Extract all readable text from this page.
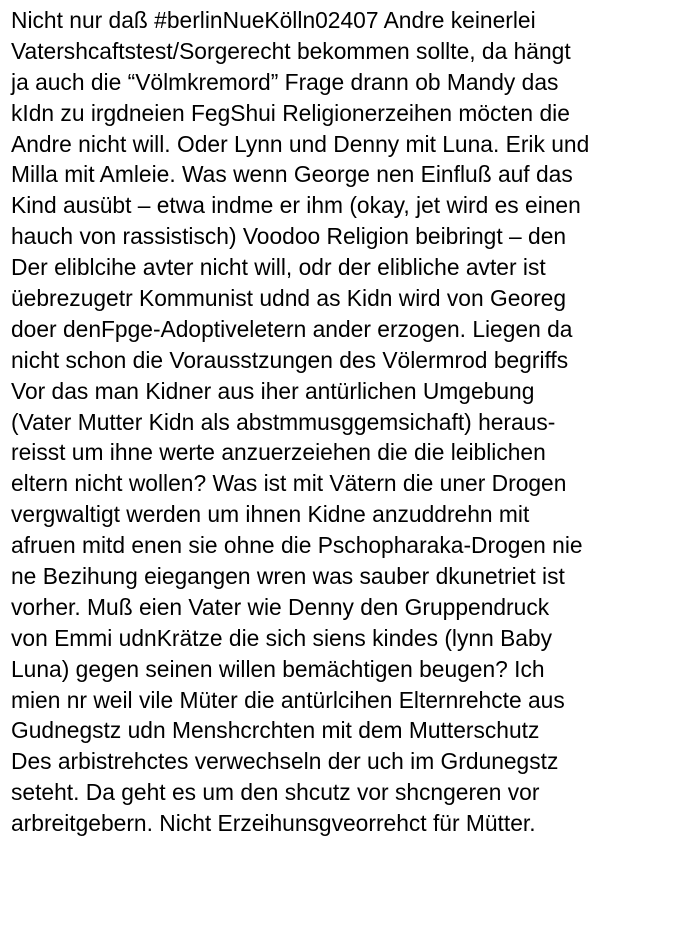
Nicht nur daß #berlinNueKölln02407 Andre keinerlei
Vatershcaftstest/Sorgerecht bekommen sollte, da hängt
ja auch die “Völmkremord” Frage drann ob Mandy das
kIdn zu irgdneien FegShui Religionerzeihen möcten die
Andre nicht will. Oder Lynn und Denny mit Luna. Erik und
Milla mit Amleie. Was wenn George nen Einfluß auf das
Kind ausübt – etwa indme er ihm (okay, jet wird es einen
hauch von rassistisch) Voodoo Religion beibringt – den
Der eliblcihe avter nicht will, odr der elibliche avter ist
üebrezugetr Kommunist udnd as Kidn wird von Georeg
doer denFpge-Adoptiveletern ander erzogen. Liegen da
nicht schon die Vorausstzungen des Völermrod begriffs
Vor das man Kidner aus iher antürlichen Umgebung
(Vater Mutter Kidn als abstmmusggemsichaft) heraus-
reisst um ihne werte anzuerzeiehen die die leiblichen
eltern nicht wollen? Was ist mit Vätern die uner Drogen
vergwaltigt werden um ihnen Kidne anzuddrehn mit
afruen mitd enen sie ohne die Pschopharaka-Drogen nie
ne Bezihung eiegangen wren was sauber dkunetriet ist
vorher. Muß eien Vater wie Denny den Gruppendruck
von Emmi udnKrätze die sich siens kindes (lynn Baby
Luna) gegen seinen willen bemächtigen beugen? Ich
mien nr weil vile Müter die antürlcihen Elternrehcte aus
Gudnegstz udn Menshcrchten mit dem Mutterschutz
Des arbistrehctes verwechseln der uch im Grdunegstz
seteht. Da geht es um den shcutz vor shcngeren vor
arbreitgebern. Nicht Erzeihunsgveorrehct für Mütter.
